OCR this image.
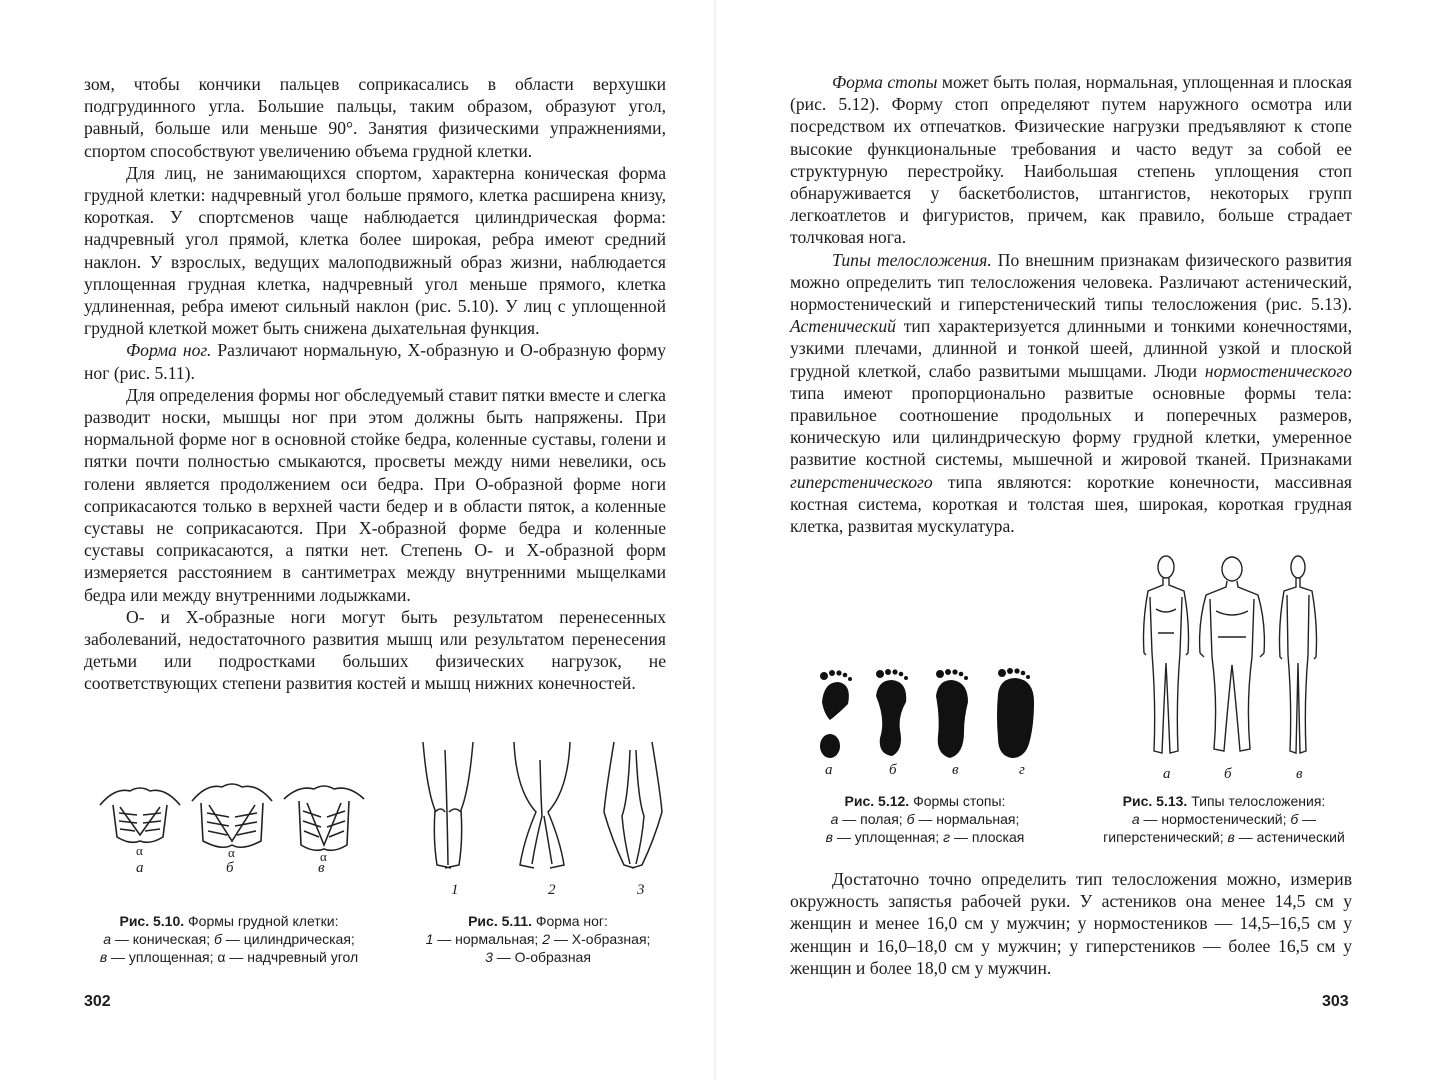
зом, чтобы кончики пальцев соприкасались в области верхушки подгрудинного угла. Большие пальцы, таким образом, образуют угол, равный, больше или меньше 90°. Занятия физическими упражнениями, спортом способствуют увеличению объема грудной клетки.

Для лиц, не занимающихся спортом, характерна коническая форма грудной клетки: надчревный угол больше прямого, клетка расширена книзу, короткая. У спортсменов чаще наблюдается цилиндрическая форма: надчревный угол прямой, клетка более широкая, ребра имеют средний наклон. У взрослых, ведущих малоподвижный образ жизни, наблюдается уплощенная грудная клетка, надчревный угол меньше прямого, клетка удлиненная, ребра имеют сильный наклон (рис. 5.10). У лиц с уплощенной грудной клеткой может быть снижена дыхательная функция.

Форма ног. Различают нормальную, X-образную и O-образную форму ног (рис. 5.11).

Для определения формы ног обследуемый ставит пятки вместе и слегка разводит носки, мышцы ног при этом должны быть напряжены. При нормальной форме ног в основной стойке бедра, коленные суставы, голени и пятки почти полностью смыкаются, просветы между ними невелики, ось голени является продолжением оси бедра. При O-образной форме ноги соприкасаются только в верхней части бедер и в области пяток, а коленные суставы не соприкасаются. При X-образной форме бедра и коленные суставы соприкасаются, а пятки нет. Степень O- и X-образной форм измеряется расстоянием в сантиметрах между внутренними мыщелками бедра или между внутренними лодыжками.

O- и X-образные ноги могут быть результатом перенесенных заболеваний, недостаточного развития мышц или результатом перенесения детьми или подростками больших физических нагрузок, не соответствующих степени развития костей и мышц нижних конечностей.

α	α	α
а	б	в
Рис. 5.10. Формы грудной клетки:
а — коническая; б — цилиндрическая;
в — уплощенная; α — надчревный угол
1	2	3
Рис. 5.11. Форма ног:
1 — нормальная; 2 — X-образная;
3 — O-образная
302

Форма стопы может быть полая, нормальная, уплощенная и плоская (рис. 5.12). Форму стоп определяют путем наружного осмотра или посредством их отпечатков. Физические нагрузки предъявляют к стопе высокие функциональные требования и часто ведут за собой ее структурную перестройку. Наибольшая степень уплощения стоп обнаруживается у баскетболистов, штангистов, некоторых групп легкоатлетов и фигуристов, причем, как правило, больше страдает толчковая нога.

Типы телосложения. По внешним признакам физического развития можно определить тип телосложения человека. Различают астенический, нормостенический и гиперстенический типы телосложения (рис. 5.13). Астенический тип характеризуется длинными и тонкими конечностями, узкими плечами, длинной и тонкой шеей, длинной узкой и плоской грудной клеткой, слабо развитыми мышцами. Люди нормостенического типа имеют пропорционально развитые основные формы тела: правильное соотношение продольных и поперечных размеров, коническую или цилиндрическую форму грудной клетки, умеренное развитие костной системы, мышечной и жировой тканей. Признаками гиперстенического типа являются: короткие конечности, массивная костная система, короткая и толстая шея, широкая, короткая грудная клетка, развитая мускулатура.

а	б	в	г
Рис. 5.12. Формы стопы:
а — полая; б — нормальная;
в — уплощенная; г — плоская
а	б	в
Рис. 5.13. Типы телосложения:
а — нормостенический; б — гиперстенический; в — астенический

Достаточно точно определить тип телосложения можно, измерив окружность запястья рабочей руки. У астеников она менее 14,5 см у женщин и менее 16,0 см у мужчин; у нормостеников — 14,5–16,5 см у женщин и 16,0–18,0 см у мужчин; у гиперстеников — более 16,5 см у женщин и более 18,0 см у мужчин.

303
